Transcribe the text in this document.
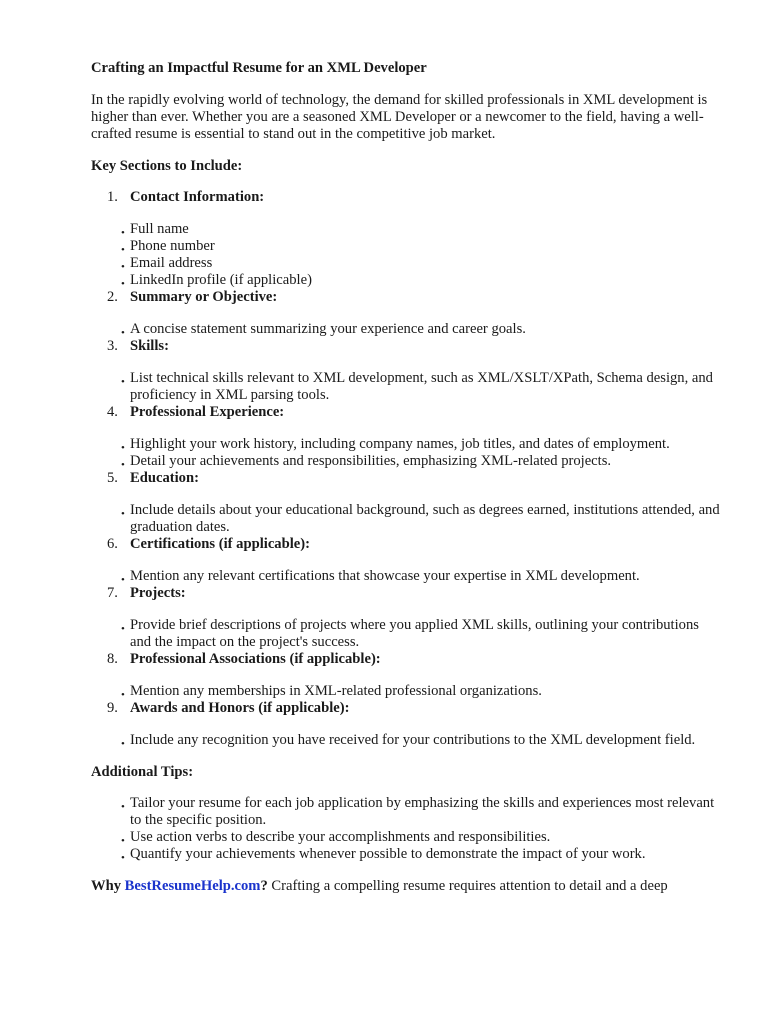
Crafting an Impactful Resume for an XML Developer

In the rapidly evolving world of technology, the demand for skilled professionals in XML development is higher than ever. Whether you are a seasoned XML Developer or a newcomer to the field, having a well-crafted resume is essential to stand out in the competitive job market.

Key Sections to Include:

1. Contact Information:
• Full name
• Phone number
• Email address
• LinkedIn profile (if applicable)
2. Summary or Objective:
• A concise statement summarizing your experience and career goals.
3. Skills:
• List technical skills relevant to XML development, such as XML/XSLT/XPath, Schema design, and proficiency in XML parsing tools.
4. Professional Experience:
• Highlight your work history, including company names, job titles, and dates of employment.
• Detail your achievements and responsibilities, emphasizing XML-related projects.
5. Education:
• Include details about your educational background, such as degrees earned, institutions attended, and graduation dates.
6. Certifications (if applicable):
• Mention any relevant certifications that showcase your expertise in XML development.
7. Projects:
• Provide brief descriptions of projects where you applied XML skills, outlining your contributions and the impact on the project's success.
8. Professional Associations (if applicable):
• Mention any memberships in XML-related professional organizations.
9. Awards and Honors (if applicable):
• Include any recognition you have received for your contributions to the XML development field.

Additional Tips:

• Tailor your resume for each job application by emphasizing the skills and experiences most relevant to the specific position.
• Use action verbs to describe your accomplishments and responsibilities.
• Quantify your achievements whenever possible to demonstrate the impact of your work.

Why BestResumeHelp.com? Crafting a compelling resume requires attention to detail and a deep
